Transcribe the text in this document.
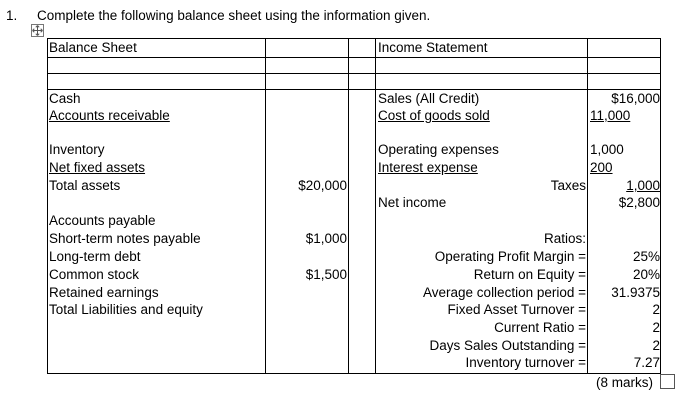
1. Complete the following balance sheet using the information given.
Balance Sheet
Cash
Accounts receivable
Inventory
Net fixed assets
Total assets	$20,000
Accounts payable
Short-term notes payable	$1,000
Long-term debt
Common stock	$1,500
Retained earnings
Total Liabilities and equity
Income Statement
Sales (All Credit)	$16,000
Cost of goods sold	11,000
Operating expenses	1,000
Interest expense	200
Taxes	1,000
Net income	$2,800
Ratios:
Operating Profit Margin =	25%
Return on Equity =	20%
Average collection period =	31.9375
Fixed Asset Turnover =	2
Current Ratio =	2
Days Sales Outstanding =	2
Inventory turnover =	7.27
(8 marks)
